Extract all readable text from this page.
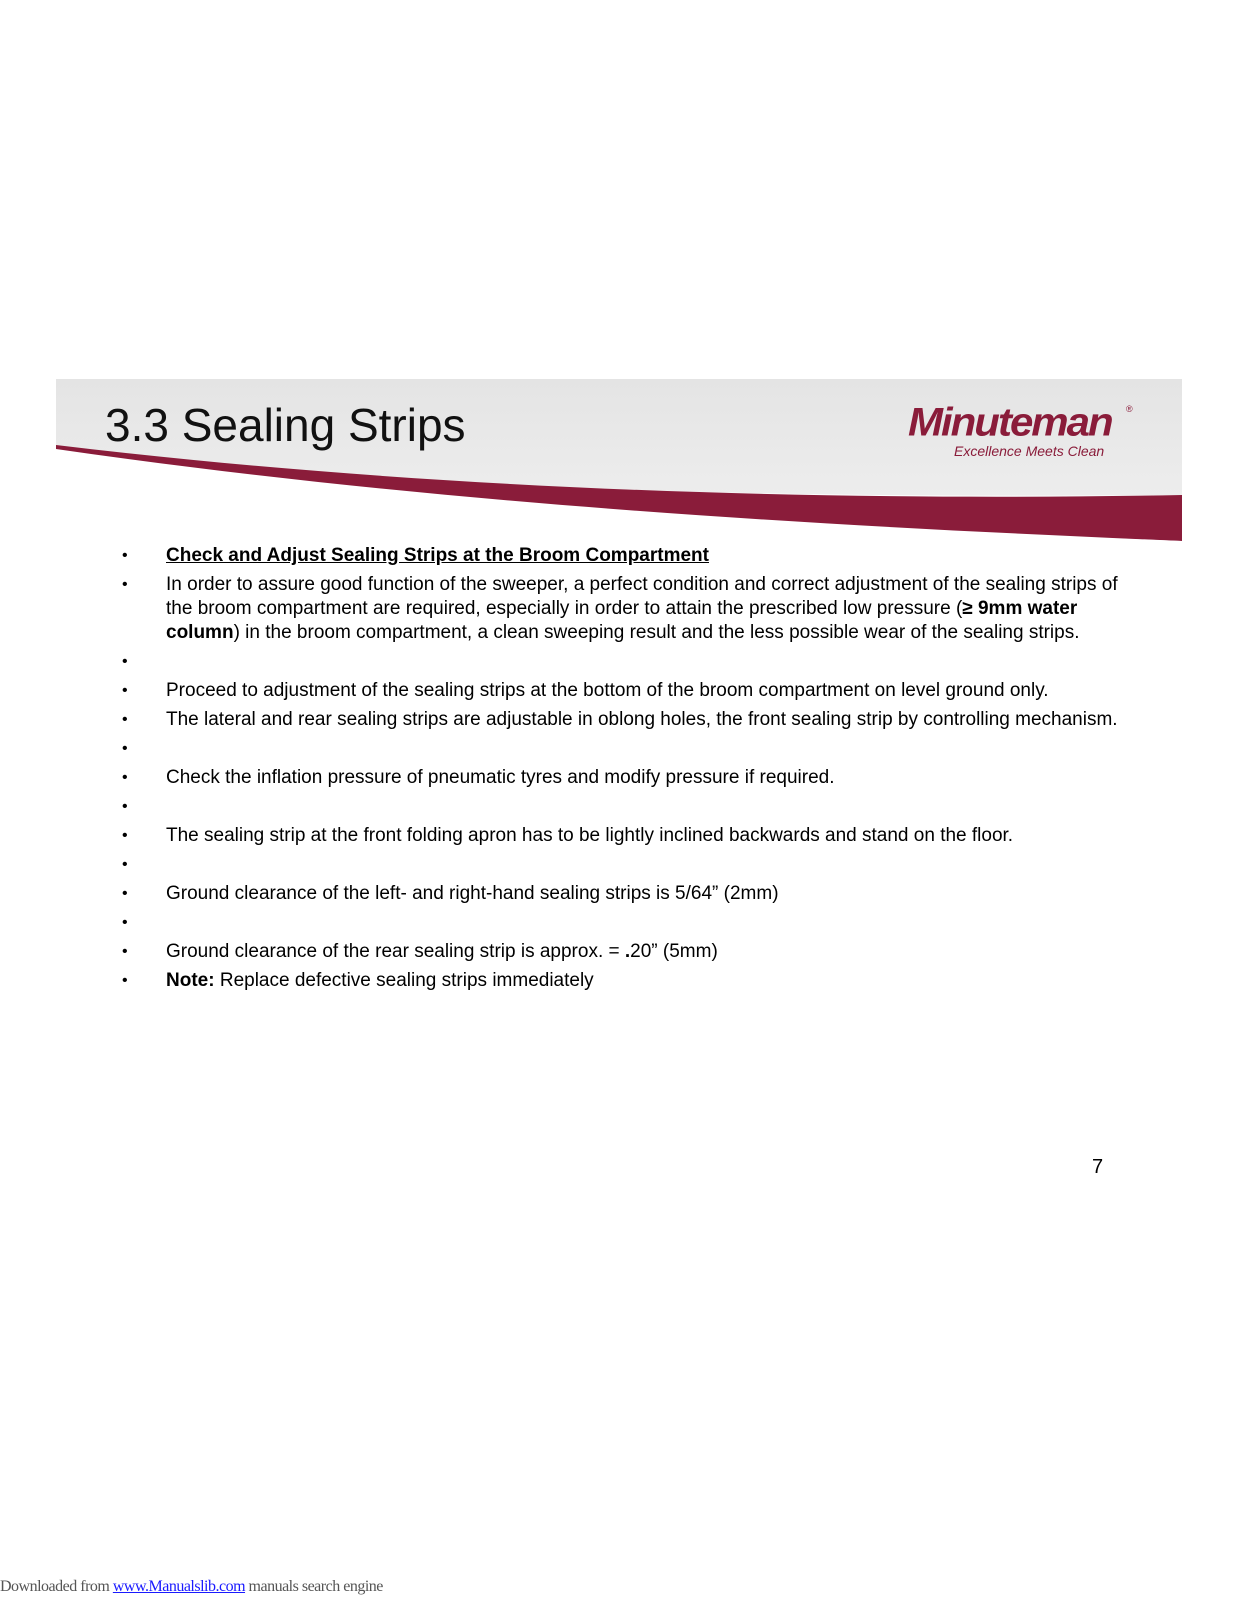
3.3 Sealing Strips	Minuteman ®
Excellence Meets Clean
• Check and Adjust Sealing Strips at the Broom Compartment
• In order to assure good function of the sweeper, a perfect condition and correct adjustment of the sealing strips of the broom compartment are required, especially in order to attain the prescribed low pressure (≥ 9mm water column) in the broom compartment, a clean sweeping result and the less possible wear of the sealing strips.
•
• Proceed to adjustment of the sealing strips at the bottom of the broom compartment on level ground only.
• The lateral and rear sealing strips are adjustable in oblong holes, the front sealing strip by controlling mechanism.
•
• Check the inflation pressure of pneumatic tyres and modify pressure if required.
•
• The sealing strip at the front folding apron has to be lightly inclined backwards and stand on the floor.
•
• Ground clearance of the left- and right-hand sealing strips is 5/64” (2mm)
•
• Ground clearance of the rear sealing strip is approx. = .20” (5mm)
• Note: Replace defective sealing strips immediately
7
Downloaded from www.Manualslib.com manuals search engine
